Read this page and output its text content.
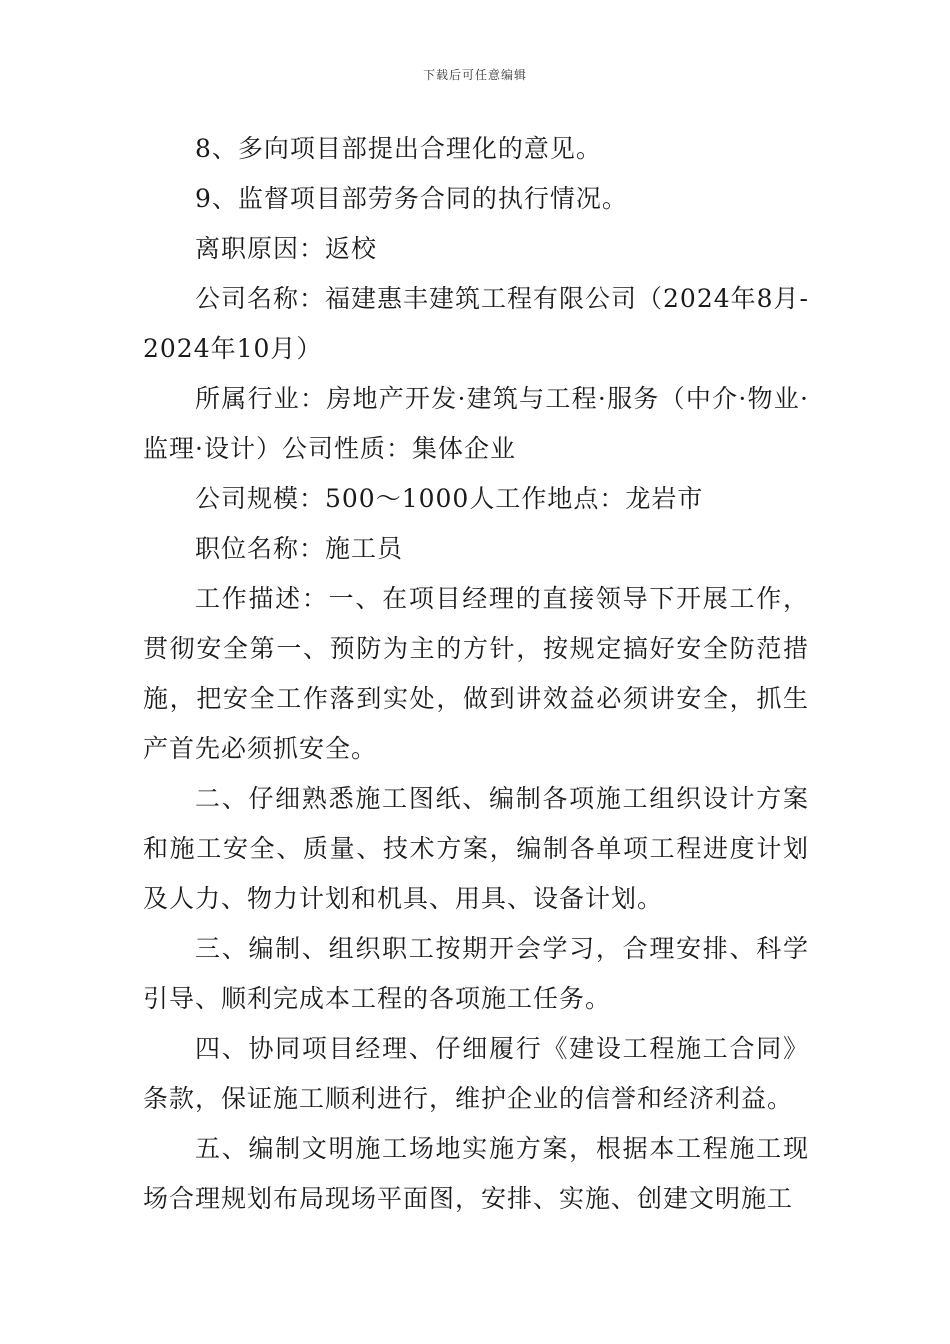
下载后可任意编辑

8、多向项目部提出合理化的意见。

9、监督项目部劳务合同的执行情况。

离职原因：返校

公司名称：福建惠丰建筑工程有限公司（2024年8月-2024年10月）

所属行业：房地产开发·建筑与工程·服务（中介·物业·监理·设计）公司性质：集体企业

公司规模：500～1000人工作地点：龙岩市

职位名称：施工员

工作描述：一、在项目经理的直接领导下开展工作，贯彻安全第一、预防为主的方针，按规定搞好安全防范措施，把安全工作落到实处，做到讲效益必须讲安全，抓生产首先必须抓安全。

二、仔细熟悉施工图纸、编制各项施工组织设计方案和施工安全、质量、技术方案，编制各单项工程进度计划及人力、物力计划和机具、用具、设备计划。

三、编制、组织职工按期开会学习，合理安排、科学引导、顺利完成本工程的各项施工任务。

四、协同项目经理、仔细履行《建设工程施工合同》条款，保证施工顺利进行，维护企业的信誉和经济利益。

五、编制文明施工场地实施方案，根据本工程施工现场合理规划布局现场平面图，安排、实施、创建文明施工
